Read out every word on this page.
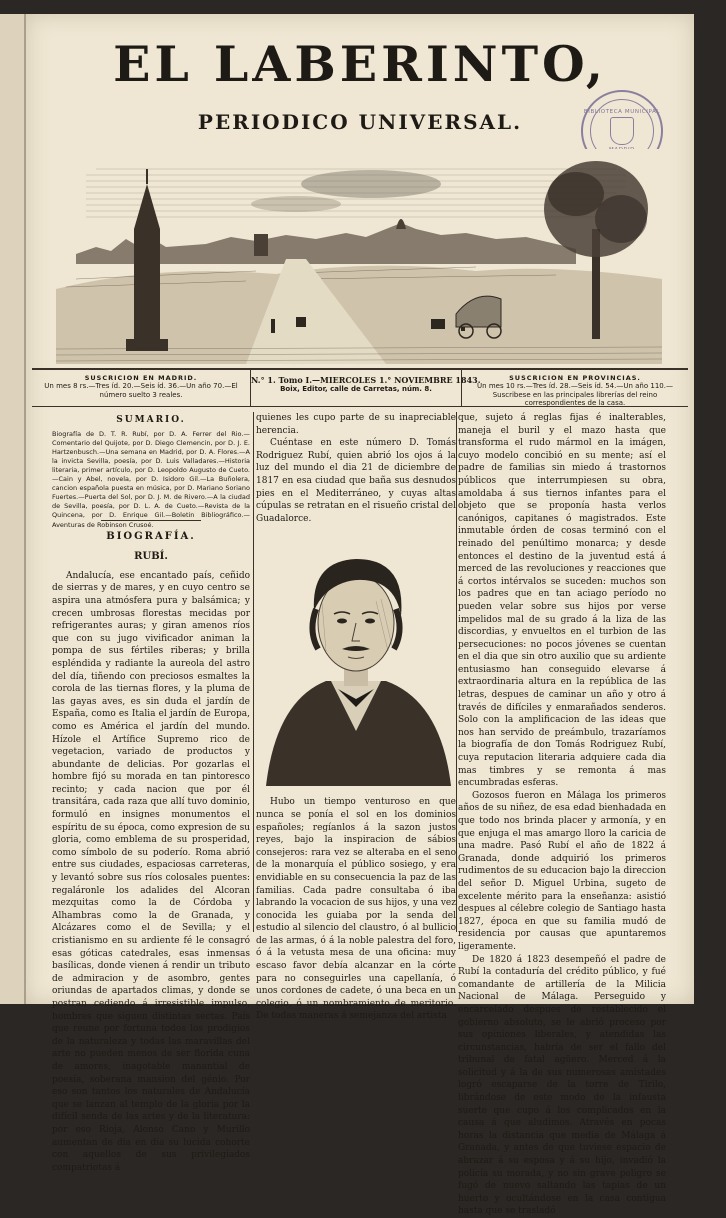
EL LABERINTO,
PERIODICO UNIVERSAL.	BIBLIOTECA MUNICIPAL
SUSCRICION EN MADRID.
Un mes 8 rs.—Tres íd. 20.—Seis íd. 36.—Un año 70.—El número suelto 3 reales.
N.° 1. Tomo I.—MIERCOLES 1.° NOVIEMBRE 1843.
Boix, Editor, calle de Carretas, núm. 8.
SUSCRICION EN PROVINCIAS.
Un mes 10 rs.—Tres íd. 28.—Seis íd. 54.—Un año 110.—Suscribese en las principales librerías del reino correspondientes de la casa.
SUMARIO.
Biografía de D. T. R. Rubí, por D. A. Ferrer del Rio.—Comentario del Quijote, por D. Diego Clemencin, por D. J. E. Hartzenbusch.—Una semana en Madrid, por D. A. Flores.—A la invicta Sevilla, poesía, por D. Luis Valladares.—Historia literaria, primer artículo, por D. Leopoldo Augusto de Cueto.—Cain y Abel, novela, por D. Isidoro Gil.—La Buñolera, cancion española puesta en música, por D. Mariano Soriano Fuertes.—Puerta del Sol, por D. J. M. de Rivero.—A la ciudad de Sevilla, poesía, por D. L. A. de Cueto.—Revista de la Quincena, por D. Enrique Gil.—Boletin Bibliográfico.—Aventuras de Robinson Crusoé.
BIOGRAFÍA.
RUBÍ.

Andalucía, ese encantado país, ceñido de sierras y de mares, y en cuyo centro se aspira una atmósfera pura y balsámica; y crecen umbrosas florestas mecidas por refrigerantes auras; y giran amenos ríos que con su jugo vivificador animan la pompa de sus fértiles riberas; y brilla espléndida y radiante la aureola del astro del día, tiñendo con preciosos esmaltes la corola de las tiernas flores, y la pluma de las gayas aves, es sin duda el jardín de España, como es Italia el jardín de Europa, como es América el jardín del mundo. Hízole el Artífice Supremo rico de vegetacion, variado de productos y abundante de delicias. Por gozarlas el hombre fijó su morada en tan pintoresco recinto; y cada nacion que por él transitára, cada raza que allí tuvo dominio, formuló en insignes monumentos el espíritu de su época, como expresion de su gloria, como emblema de su prosperidad, como símbolo de su poderío. Roma abrió entre sus ciudades, espaciosas carreteras, y levantó sobre sus ríos colosales puentes: regaláronle los adalides del Alcoran mezquitas como la de Córdoba y Alhambras como la de Granada, y Alcázares como el de Sevilla; y el cristianismo en su ardiente fé le consagró esas góticas catedrales, esas inmensas basílicas, donde vienen á rendir un tributo de admiracion y de asombro, gentes oriundas de apartados climas, y donde se postran cediendo á irresistible impulso, hombres que siguen distintas sectas. País que reune por fortuna todos los prodigios de la naturaleza y todas las maravillas del arte no pueden menos de ser florida cuna de amores, inagotable manantial de poesía, soberana mansion del génio. Por eso son tantos los naturales de Andalucía que se lanzan al templo de la gloria por la difícil senda de las artes y de la literatura: por eso Rioja, Alonso Cano y Murillo aumentan de dia en dia su lucida cohorte con aquellos de sus privilegiados compatriotas á

quienes les cupo parte de su inapreciable herencia.

Cuéntase en este número D. Tomás Rodriguez Rubí, quien abrió los ojos á la luz del mundo el dia 21 de diciembre de 1817 en esa ciudad que baña sus desnudos pies en el Mediterráneo, y cuyas altas cúpulas se retratan en el risueño cristal del Guadalorce.

Hubo un tiempo venturoso en que nunca se ponía el sol en los dominios españoles; regíanlos á la sazon justos reyes, bajo la inspiracion de sábios consejeros: rara vez se alteraba en el seno de la monarquía el público sosiego, y era envidiable en su consecuencia la paz de las familias. Cada padre consultaba ó iba labrando la vocacion de sus hijos, y una vez conocida les guiaba por la senda del estudio al silencio del claustro, ó al bullicio de las armas, ó á la noble palestra del foro, ó á la vetusta mesa de una oficina: muy escaso favor debía alcanzar en la córte para no conseguirles una capellanía, ó unos cordones de cadete, ó una beca en un colegio, ó un nombramiento de meritorio. De todas maneras á semejanza del artista

que, sujeto á reglas fijas é inalterables, maneja el buril y el mazo hasta que transforma el rudo mármol en la imágen, cuyo modelo concibió en su mente; así el padre de familias sin miedo á trastornos públicos que interrumpiesen su obra, amoldaba á sus tiernos infantes para el objeto que se proponía hasta verlos canónigos, capitanes ó magistrados. Este inmutable órden de cosas terminó con el reinado del penúltimo monarca; y desde entonces el destino de la juventud está á merced de las revoluciones y reacciones que á cortos intérvalos se suceden: muchos son los padres que en tan aciago período no pueden velar sobre sus hijos por verse impelidos mal de su grado á la liza de las discordias, y envueltos en el turbion de las persecuciones: no pocos jóvenes se cuentan en el dia que sin otro auxilio que su ardiente entusiasmo han conseguido elevarse á extraordinaria altura en la república de las letras, despues de caminar un año y otro á través de difíciles y enmarañados senderos. Solo con la amplificacion de las ideas que nos han servido de preámbulo, trazaríamos la biografía de don Tomás Rodriguez Rubí, cuya reputacion literaria adquiere cada dia mas timbres y se remonta á mas encumbradas esferas.

Gozosos fueron en Málaga los primeros años de su niñez, de esa edad bienhadada en que todo nos brinda placer y armonía, y en que enjuga el mas amargo lloro la caricia de una madre. Pasó Rubí el año de 1822 á Granada, donde adquirió los primeros rudimentos de su educacion bajo la direccion del señor D. Miguel Urbina, sugeto de excelente mérito para la enseñanza: asistió despues al célebre colegio de Santiago hasta 1827, época en que su familia mudó de residencia por causas que apuntaremos ligeramente.

De 1820 á 1823 desempeñó el padre de Rubí la contaduría del crédito público, y fué comandante de artillería de la Milicia Nacional de Málaga. Perseguido y encarcelado despues de restablecido el gobierno absoluto, se le abrió proceso por sus opiniones liberales, y atendidas las circunstancias, habría de ser el fallo del tribunal de fatal agüero. Merced á la solicitud y á la de sus numerosas amistades logró escaparse de la torre de Tirilo, librándose de este modo de la infausta suerte que cupo á los complicados en la causa á que aludimos. Através en pocas horas la distancia que media de Málaga á Granada, y antes de que tuviese espacio de abrazar á su esposa y á su hijo, invadió la policía su morada, y no sin grave peligro se fugó de nuevo saltando las tapias de un huerto y ocultándose en la casa contigua hasta que se trasladó
